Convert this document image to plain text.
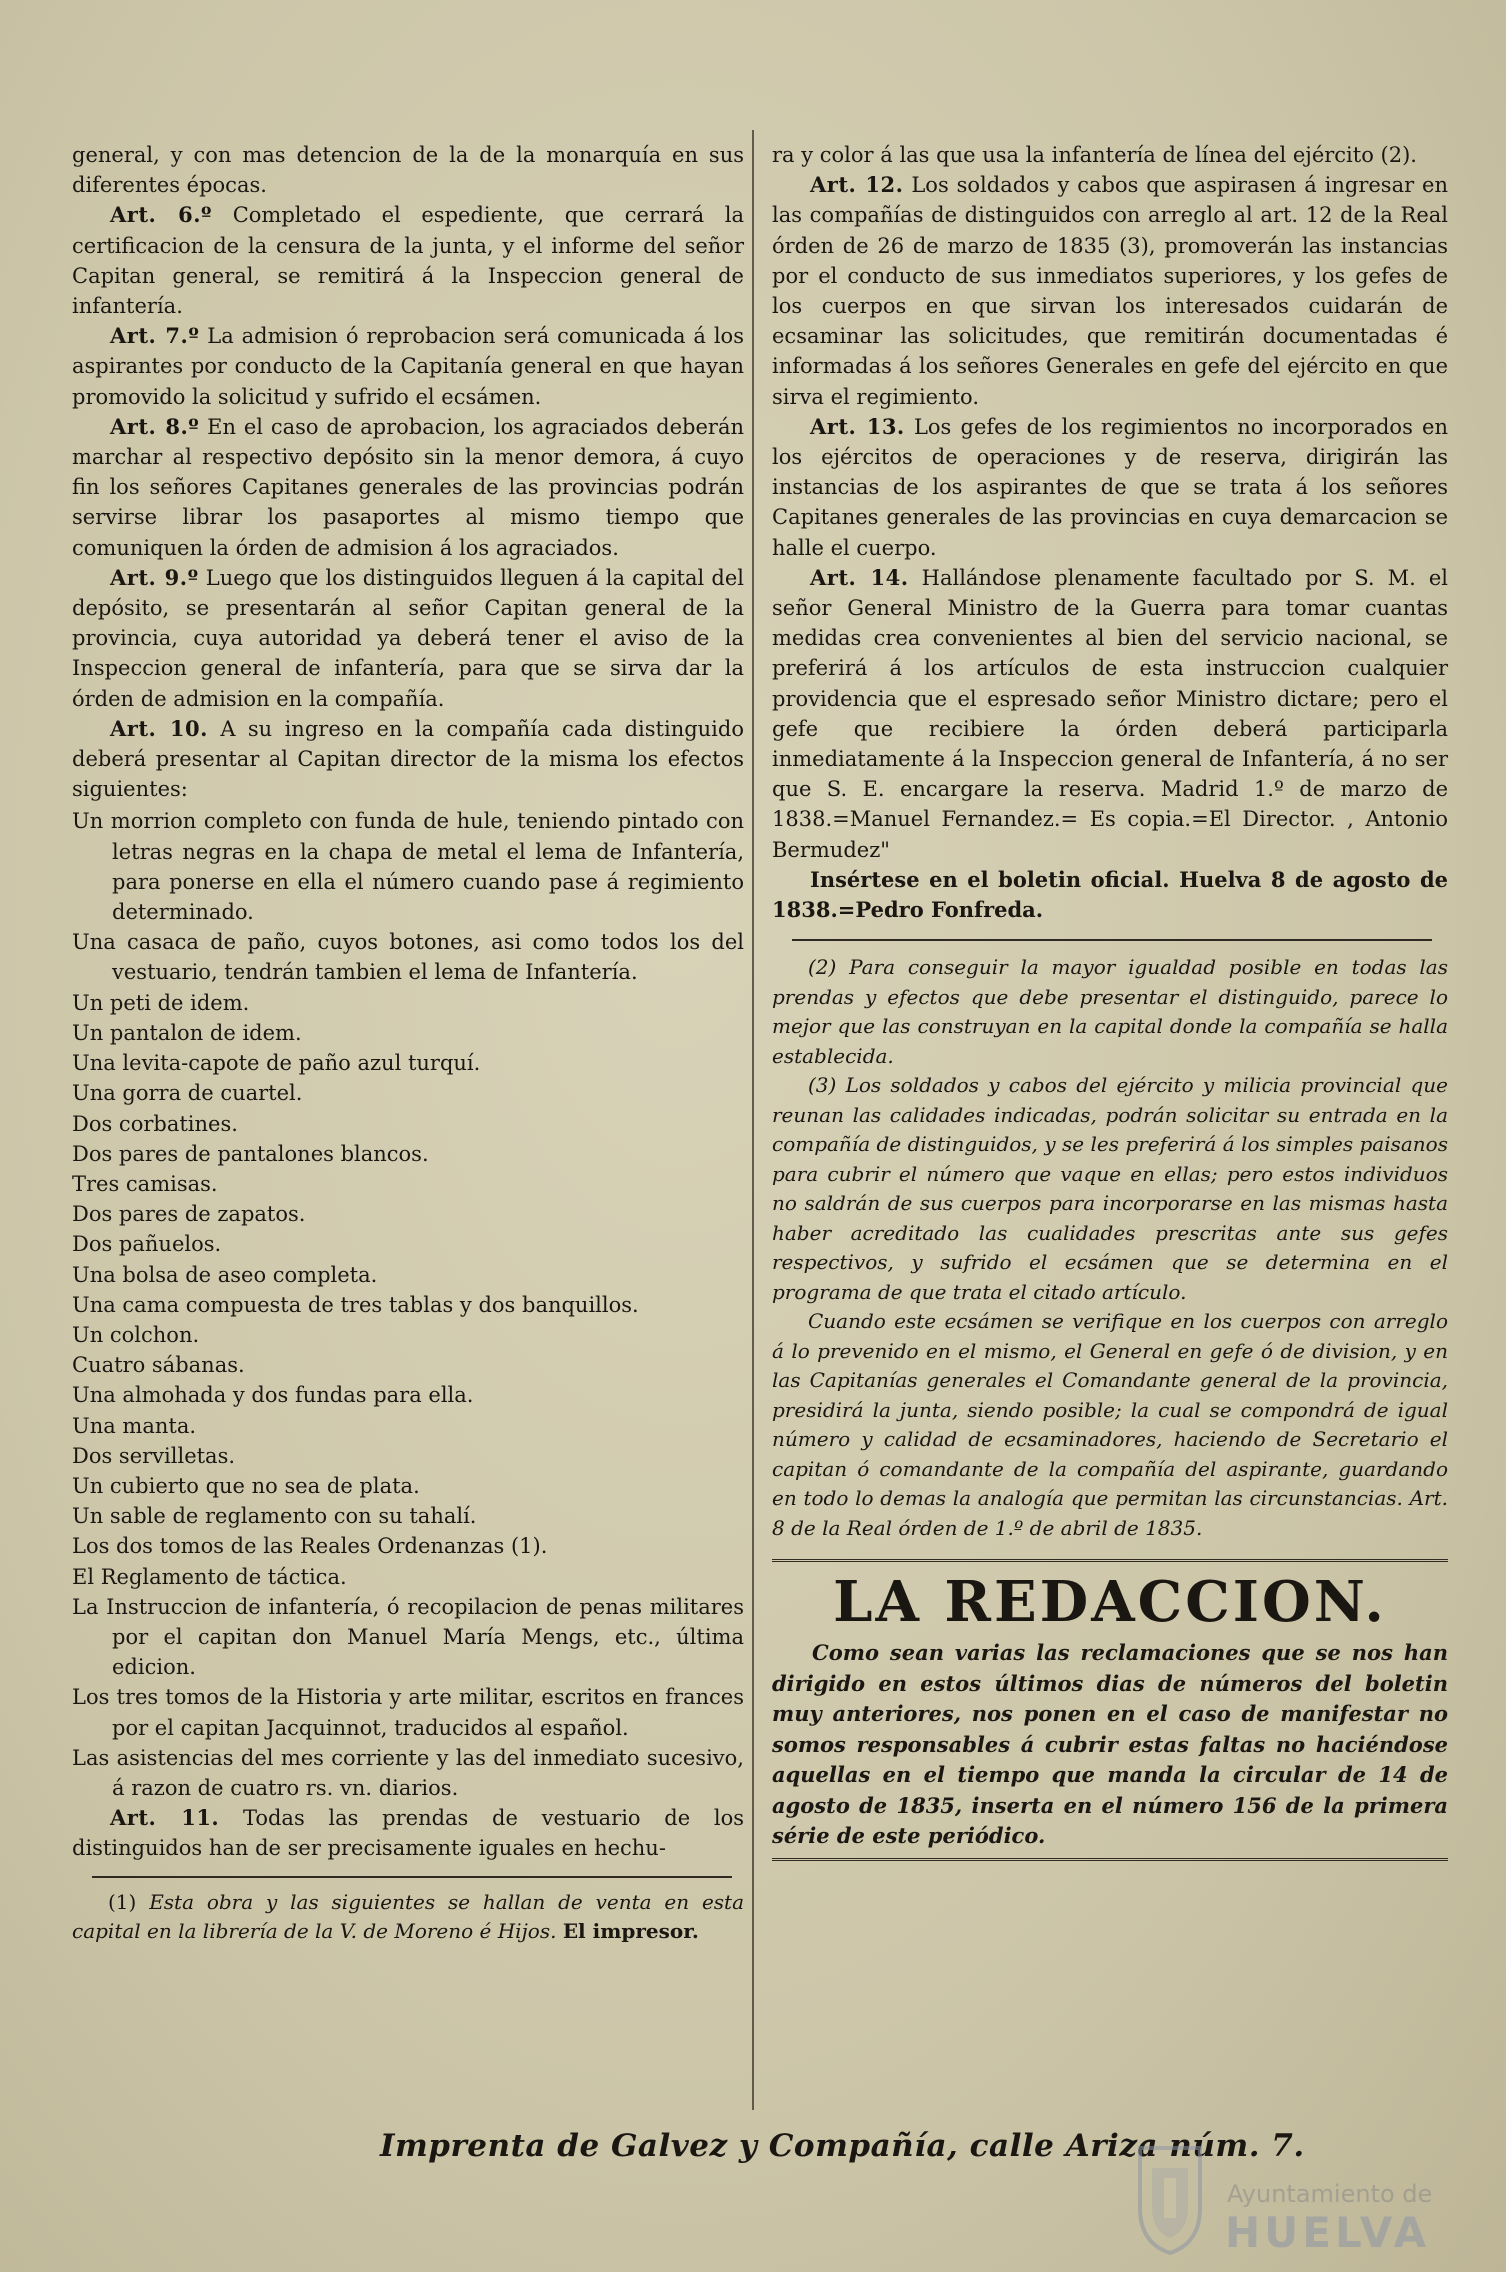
general, y con mas detencion de la de la monarquía en sus diferentes épocas.

Art. 6.º Completado el espediente, que cerrará la certificacion de la censura de la junta, y el informe del señor Capitan general, se remitirá á la Inspeccion general de infantería.

Art. 7.º La admision ó reprobacion será comunicada á los aspirantes por conducto de la Capitanía general en que hayan promovido la solicitud y sufrido el ecsámen.

Art. 8.º En el caso de aprobacion, los agraciados deberán marchar al respectivo depósito sin la menor demora, á cuyo fin los señores Capitanes generales de las provincias podrán servirse librar los pasaportes al mismo tiempo que comuniquen la órden de admision á los agraciados.

Art. 9.º Luego que los distinguidos lleguen á la capital del depósito, se presentarán al señor Capitan general de la provincia, cuya autoridad ya deberá tener el aviso de la Inspeccion general de infantería, para que se sirva dar la órden de admision en la compañía.

Art. 10. A su ingreso en la compañía cada distinguido deberá presentar al Capitan director de la misma los efectos siguientes:

Un morrion completo con funda de hule, teniendo pintado con letras negras en la chapa de metal el lema de Infantería, para ponerse en ella el número cuando pase á regimiento determinado.
Una casaca de paño, cuyos botones, asi como todos los del vestuario, tendrán tambien el lema de Infantería.
Un peti de idem.
Un pantalon de idem.
Una levita-capote de paño azul turquí.
Una gorra de cuartel.
Dos corbatines.
Dos pares de pantalones blancos.
Tres camisas.
Dos pares de zapatos.
Dos pañuelos.
Una bolsa de aseo completa.
Una cama compuesta de tres tablas y dos banquillos.
Un colchon.
Cuatro sábanas.
Una almohada y dos fundas para ella.
Una manta.
Dos servilletas.
Un cubierto que no sea de plata.
Un sable de reglamento con su tahalí.
Los dos tomos de las Reales Ordenanzas (1).
El Reglamento de táctica.
La Instruccion de infantería, ó recopilacion de penas militares por el capitan don Manuel María Mengs, etc., última edicion.
Los tres tomos de la Historia y arte militar, escritos en frances por el capitan Jacquinnot, traducidos al español.
Las asistencias del mes corriente y las del inmediato sucesivo, á razon de cuatro rs. vn. diarios.

Art. 11. Todas las prendas de vestuario de los distinguidos han de ser precisamente iguales en hechu-

(1) Esta obra y las siguientes se hallan de venta en esta capital en la librería de la V. de Moreno é Hijos. El impresor.

ra y color á las que usa la infantería de línea del ejército (2).

Art. 12. Los soldados y cabos que aspirasen á ingresar en las compañías de distinguidos con arreglo al art. 12 de la Real órden de 26 de marzo de 1835 (3), promoverán las instancias por el conducto de sus inmediatos superiores, y los gefes de los cuerpos en que sirvan los interesados cuidarán de ecsaminar las solicitudes, que remitirán documentadas é informadas á los señores Generales en gefe del ejército en que sirva el regimiento.

Art. 13. Los gefes de los regimientos no incorporados en los ejércitos de operaciones y de reserva, dirigirán las instancias de los aspirantes de que se trata á los señores Capitanes generales de las provincias en cuya demarcacion se halle el cuerpo.

Art. 14. Hallándose plenamente facultado por S. M. el señor General Ministro de la Guerra para tomar cuantas medidas crea convenientes al bien del servicio nacional, se preferirá á los artículos de esta instruccion cualquier providencia que el espresado señor Ministro dictare; pero el gefe que recibiere la órden deberá participarla inmediatamente á la Inspeccion general de Infantería, á no ser que S. E. encargare la reserva. Madrid 1.º de marzo de 1838.=Manuel Fernandez.= Es copia.=El Director. , Antonio Bermudez"

Insértese en el boletin oficial. Huelva 8 de agosto de 1838.=Pedro Fonfreda.

(2) Para conseguir la mayor igualdad posible en todas las prendas y efectos que debe presentar el distinguido, parece lo mejor que las construyan en la capital donde la compañía se halla establecida.

(3) Los soldados y cabos del ejército y milicia provincial que reunan las calidades indicadas, podrán solicitar su entrada en la compañía de distinguidos, y se les preferirá á los simples paisanos para cubrir el número que vaque en ellas; pero estos individuos no saldrán de sus cuerpos para incorporarse en las mismas hasta haber acreditado las cualidades prescritas ante sus gefes respectivos, y sufrido el ecsámen que se determina en el programa de que trata el citado artículo.

Cuando este ecsámen se verifique en los cuerpos con arreglo á lo prevenido en el mismo, el General en gefe ó de division, y en las Capitanías generales el Comandante general de la provincia, presidirá la junta, siendo posible; la cual se compondrá de igual número y calidad de ecsaminadores, haciendo de Secretario el capitan ó comandante de la compañía del aspirante, guardando en todo lo demas la analogía que permitan las circunstancias. Art. 8 de la Real órden de 1.º de abril de 1835.

LA REDACCION.

Como sean varias las reclamaciones que se nos han dirigido en estos últimos dias de números del boletin muy anteriores, nos ponen en el caso de manifestar no somos responsables á cubrir estas faltas no haciéndose aquellas en el tiempo que manda la circular de 14 de agosto de 1835, inserta en el número 156 de la primera série de este periódico.

Imprenta de Galvez y Compañía, calle Ariza núm. 7.
Ayuntamiento de
HUELVA
